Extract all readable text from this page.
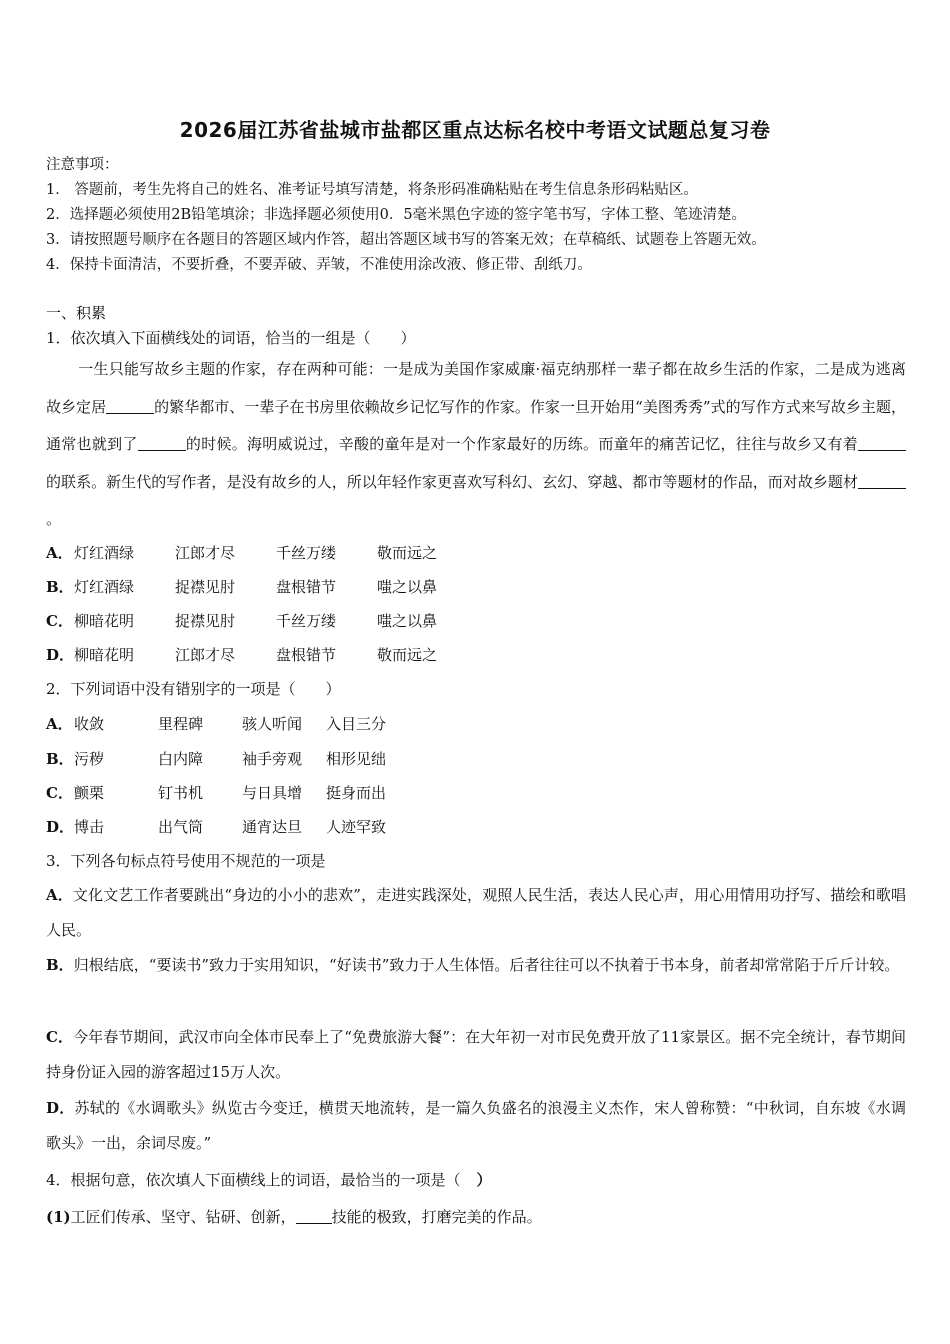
2026届江苏省盐城市盐都区重点达标名校中考语文试题总复习卷
注意事项：
1． 答题前，考生先将自己的姓名、准考证号填写清楚，将条形码准确粘贴在考生信息条形码粘贴区。
2．选择题必须使用2B铅笔填涂；非选择题必须使用0．5毫米黑色字迹的签字笔书写，字体工整、笔迹清楚。
3．请按照题号顺序在各题目的答题区域内作答，超出答题区域书写的答案无效；在草稿纸、试题卷上答题无效。
4．保持卡面清洁，不要折叠，不要弄破、弄皱，不准使用涂改液、修正带、刮纸刀。
一、积累
1．依次填入下面横线处的词语，恰当的一组是（　　）
一生只能写故乡主题的作家，存在两种可能：一是成为美国作家威廉·福克纳那样一辈子都在故乡生活的作家，二是成为逃离故乡定居	的繁华都市、一辈子在书房里依赖故乡记忆写作的作家。作家一旦开始用“美图秀秀”式的写作方式来写故乡主题，通常也就到了	的时候。海明威说过，辛酸的童年是对一个作家最好的历练。而童年的痛苦记忆，往往与故乡又有着的联系。新生代的写作者，是没有故乡的人，所以年轻作家更喜欢写科幻、玄幻、穿越、都市等题材的作品，而对故乡题材。
A．灯红酒绿	江郎才尽	千丝万缕	敬而远之
B．灯红酒绿	捉襟见肘	盘根错节	嗤之以鼻
C．柳暗花明	捉襟见肘	千丝万缕	嗤之以鼻
D．柳暗花明	江郎才尽	盘根错节	敬而远之
2．下列词语中没有错别字的一项是（　　）
A．收敛	里程碑	骇人听闻 入目三分
B．污秽	白内障	袖手旁观 相形见绌
C．颤栗	钉书机	与日具增 挺身而出
D．博击	出气筒	通宵达旦 人迹罕致
3．下列各句标点符号使用不规范的一项是
A．文化文艺工作者要跳出“身边的小小的悲欢”，走进实践深处，观照人民生活，表达人民心声，用心用情用功抒写、描绘和歌唱人民。
B．归根结底，“要读书”致力于实用知识，“好读书”致力于人生体悟。后者往往可以不执着于书本身，前者却常常陷于斤斤计较。
C．今年春节期间，武汉市向全体市民奉上了“免费旅游大餐”：在大年初一对市民免费开放了11家景区。据不完全统计，春节期间持身份证入园的游客超过15万人次。
D．苏轼的《水调歌头》纵览古今变迁，横贯天地流转，是一篇久负盛名的浪漫主义杰作，宋人曾称赞：“中秋词，自东坡《水调歌头》一出，余词尽废。”
4．根据句意，依次填人下面横线上的词语，最恰当的一项是（ ）
(1)工匠们传承、坚守、钻研、创新， 技能的极致，打磨完美的作品。
